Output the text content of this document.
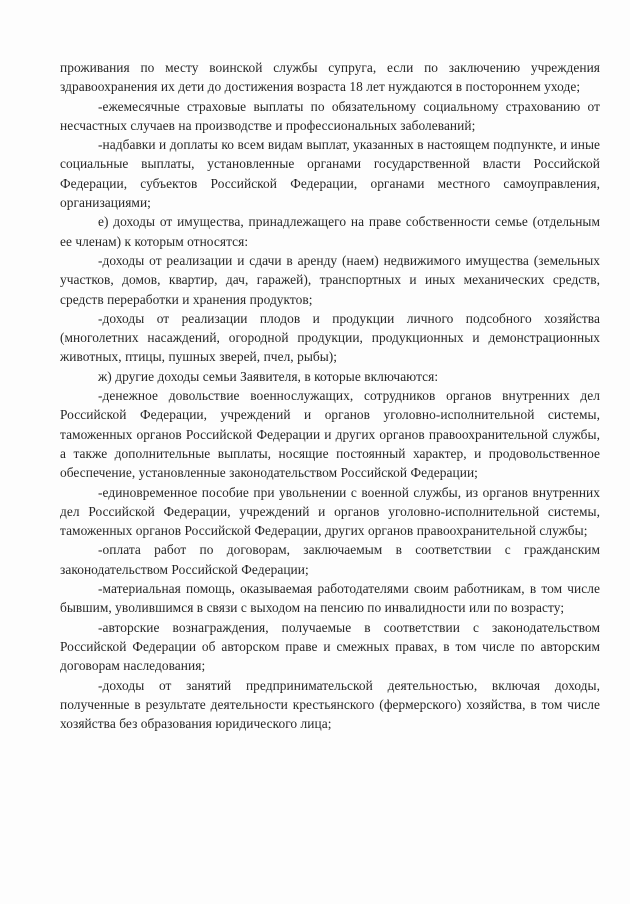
проживания по месту воинской службы супруга, если по заключению учреждения здравоохранения их дети до достижения возраста 18 лет нуждаются в постороннем уходе;

-ежемесячные страховые выплаты по обязательному социальному страхованию от несчастных случаев на производстве и профессиональных заболеваний;

-надбавки и доплаты ко всем видам выплат, указанных в настоящем подпункте, и иные социальные выплаты, установленные органами государственной власти Российской Федерации, субъектов Российской Федерации, органами местного самоуправления, организациями;

е) доходы от имущества, принадлежащего на праве собственности семье (отдельным ее членам) к которым относятся:

-доходы от реализации и сдачи в аренду (наем) недвижимого имущества (земельных участков, домов, квартир, дач, гаражей), транспортных и иных механических средств, средств переработки и хранения продуктов;

-доходы от реализации плодов и продукции личного подсобного хозяйства (многолетних насаждений, огородной продукции, продукционных и демонстрационных животных, птицы, пушных зверей, пчел, рыбы);

ж) другие доходы семьи Заявителя, в которые включаются:

-денежное довольствие военнослужащих, сотрудников органов внутренних дел Российской Федерации, учреждений и органов уголовно-исполнительной системы, таможенных органов Российской Федерации и других органов правоохранительной службы, а также дополнительные выплаты, носящие постоянный характер, и продовольственное обеспечение, установленные законодательством Российской Федерации;

-единовременное пособие при увольнении с военной службы, из органов внутренних дел Российской Федерации, учреждений и органов уголовно-исполнительной системы, таможенных органов Российской Федерации, других органов правоохранительной службы;

-оплата работ по договорам, заключаемым в соответствии с гражданским законодательством Российской Федерации;

-материальная помощь, оказываемая работодателями своим работникам, в том числе бывшим, уволившимся в связи с выходом на пенсию по инвалидности или по возрасту;

-авторские вознаграждения, получаемые в соответствии с законодательством Российской Федерации об авторском праве и смежных правах, в том числе по авторским договорам наследования;

-доходы от занятий предпринимательской деятельностью, включая доходы, полученные в результате деятельности крестьянского (фермерского) хозяйства, в том числе хозяйства без образования юридического лица;
